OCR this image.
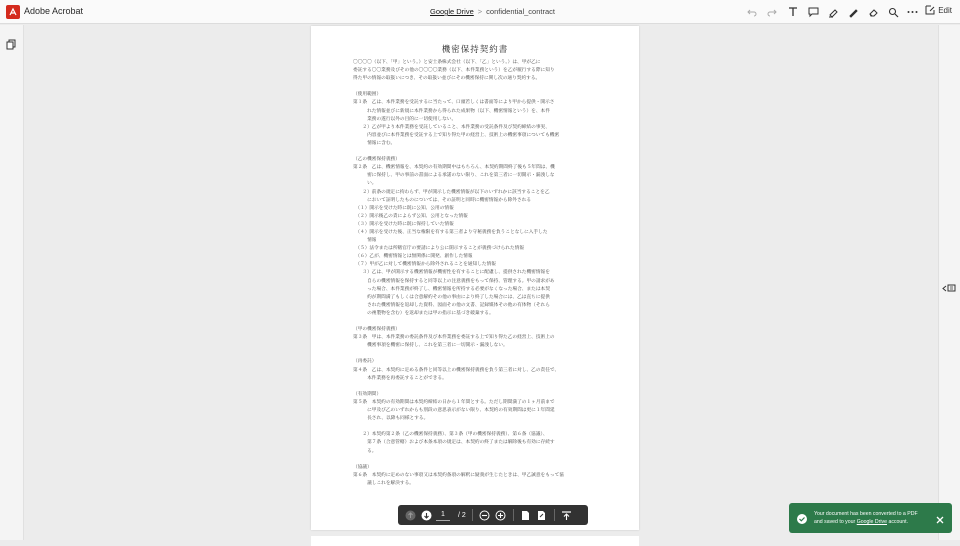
Adobe Acrobat	Google Drive > confidential_contract	Edit
機密保持契約書

〇〇〇〇（以下、「甲」という。）と安士条株式会社（以下、「乙」という。）は、甲が乙に

委託する〇〇業務及びその他の〇〇〇〇業務（以下、本件業務という）を乙が履行する際に知り

得た甲の情報の取扱いにつき、その取扱い並びにその機密保持に関し次の通り契約する。

（使用範囲）

第１条　乙は、本件業務を受託するに当たって、口頭若しくは書面等により甲から提供・開示さ

　　　れた情報並びに新規に本件業務から得られた成果物（以下、機密情報という）を、本件

　　　業務の遂行以外の目的に一切使用しない。

　　２）乙が甲より本件業務を受託していること、本件業務の受託条件及び契約締結の事実、

　　　内容並びに本件業務を受託する上で知り得た甲の経営上、技術上の機密事項についても機密

　　　情報に含む。

（乙の機密保持義務）

第２条　乙は、機密情報を、本契約の有効期間中はもちろん、本契約期間終了後も５年間は、機

　　　密に保持し、甲の事前の書面による承諾のない限り、これを第三者に一切開示・漏洩しな

　　　い。

　　２）前条の規定に拘わらず、甲が開示した機密情報が以下のいずれかに該当することを乙

　　　において証明したものについては、その証明と同時に機密情報から除外される

　（１）開示を受けた時に既に公知、公用の情報

　（２）開示後乙の責によらず公知、公用となった情報

　（３）開示を受けた時に既に保持していた情報

　（４）開示を受けた後、正当な権限を有する第三者より守秘義務を負うことなしに入手した

　　　情報

　（５）法令または所轄官庁の要請により公に開示することが義務づけられた情報

　（６）乙が、機密情報とは無関係に開発、創作した情報

　（７）甲が乙に対して機密情報から除外されることを通知した情報

　　３）乙は、甲が開示する機密情報が機密性を有することに配慮し、提供された機密情報を

　　　自らの機密情報を保持すると同等以上の注意義務をもって保持、管理する。甲の請求があ

　　　った場合、本件業務が終了し、機密情報を所持する必要がなくなった場合、または本契

　　　約が期間満了もしくは合意解約その他の事由により終了した場合には、乙は直ちに提供

　　　された機密情報を返却した資料、図面その他の文書、記録媒体その他の有体物（それら

　　　の複製物を含む）を返却または甲の指示に基づき破棄する。

（甲の機密保持義務）

第３条　甲は、本件業務の委託条件及び本件業務を委託する上で知り得た乙の経営上、技術上の

　　　機密事項を機密に保持し、これを第三者に一切開示・漏洩しない。

（再委託）

第４条　乙は、本契約に定める条件と同等以上の機密保持義務を負う第三者に対し、乙の責任で、

　　　本件業務を再委託することができる。

（有効期間）

第５条　本契約の有効期間は本契約締結の日から１年間とする。ただし期間満了の１ヶ月前まで

　　　に甲及び乙のいずれからも別段の意思表示がない限り、本契約の有効期間は更に１年間延

　　　長され、以降も同様とする。

　　２）本契約第２条（乙の機密保持義務）、第３条（甲の機密保持義務）、第６条（協議）、

　　　第７条（合意管轄）および本条本項の規定は、本契約の終了または解除後も有効に存続す

　　　る。

（協議）

第６条　本契約に定めのない事項又は本契約条項の解釈に疑義が生じたときは、甲乙誠意をもって協

　　　議しこれを解決する。

1	/ 2	Your document has been converted to a PDF
and saved to your Google Drive account.
